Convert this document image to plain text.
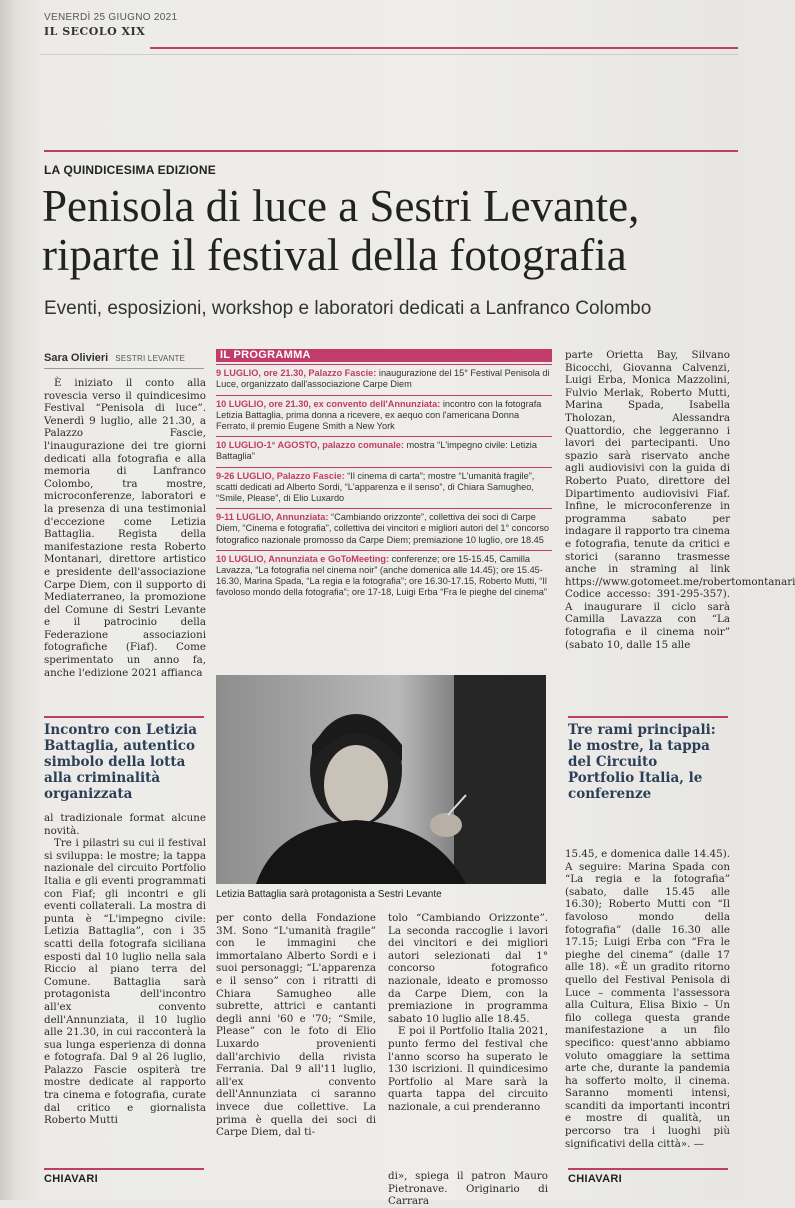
VENERDÌ 25 GIUGNO 2021
IL SECOLO XIX
LA QUINDICESIMA EDIZIONE
Penisola di luce a Sestri Levante, riparte il festival della fotografia
Eventi, esposizioni, workshop e laboratori dedicati a Lanfranco Colombo
Sara Olivieri SESTRI LEVANTE

È iniziato il conto alla rovescia verso il quindicesimo Festival “Penisola di luce”. Venerdì 9 luglio, alle 21.30, a Palazzo Fascie, l'inaugurazione dei tre giorni dedicati alla fotografia e alla memoria di Lanfranco Colombo, tra mostre, microconferenze, laboratori e la presenza di una testimonial d'eccezione come Letizia Battaglia. Regista della manifestazione resta Roberto Montanari, direttore artistico e presidente dell'associazione Carpe Diem, con il supporto di Mediaterraneo, la promozione del Comune di Sestri Levante e il patrocinio della Federazione associazioni fotografiche (Fiaf). Come sperimentato un anno fa, anche l'edizione 2021 affianca

Incontro con Letizia Battaglia, autentico simbolo della lotta alla criminalità organizzata

al tradizionale format alcune novità.

Tre i pilastri su cui il festival si sviluppa: le mostre; la tappa nazionale del circuito Portfolio Italia e gli eventi programmati con Fiaf; gli incontri e gli eventi collaterali. La mostra di punta è “L'impegno civile: Letizia Battaglia”, con i 35 scatti della fotografa siciliana esposti dal 10 luglio nella sala Riccio al piano terra del Comune. Battaglia sarà protagonista dell'incontro all'ex convento dell'Annunziata, il 10 luglio alle 21.30, in cui racconterà la sua lunga esperienza di donna e fotografa. Dal 9 al 26 luglio, Palazzo Fascie ospiterà tre mostre dedicate al rapporto tra cinema e fotografia, curate dal critico e giornalista Roberto Mutti

IL PROGRAMMA
9 LUGLIO, ore 21.30, Palazzo Fascie: inaugurazione del 15° Festival Penisola di Luce, organizzato dall'associazione Carpe Diem
10 LUGLIO, ore 21.30, ex convento dell'Annunziata: incontro con la fotografa Letizia Battaglia, prima donna a ricevere, ex aequo con l'americana Donna Ferrato, il premio Eugene Smith a New York
10 LUGLIO-1° AGOSTO, palazzo comunale: mostra “L'impegno civile: Letizia Battaglia”
9-26 LUGLIO, Palazzo Fascie: “Il cinema di carta”; mostre “L'umanità fragile”, scatti dedicati ad Alberto Sordi, “L'apparenza e il senso”, di Chiara Samugheo, “Smile, Please”, di Elio Luxardo
9-11 LUGLIO, Annunziata: “Cambiando orizzonte”, collettiva dei soci di Carpe Diem, “Cinema e fotografia”, collettiva dei vincitori e migliori autori del 1° concorso fotografico nazionale promosso da Carpe Diem; premiazione 10 luglio, ore 18.45
10 LUGLIO, Annunziata e GoToMeeting: conferenze; ore 15-15.45, Camilla Lavazza, “La fotografia nel cinema noir” (anche domenica alle 14.45); ore 15.45-16.30, Marina Spada, “La regia e la fotografia”; ore 16.30-17.15, Roberto Mutti, “Il favoloso mondo della fotografia”; ore 17-18, Luigi Erba “Fra le pieghe del cinema”

parte Orietta Bay, Silvano Bicocchi, Giovanna Calvenzi, Luigi Erba, Monica Mazzolini, Fulvio Merlak, Roberto Mutti, Marina Spada, Isabella Tholozan, Alessandra Quattordio, che leggeranno i lavori dei partecipanti. Uno spazio sarà riservato anche agli audiovisivi con la guida di Roberto Puato, direttore del Dipartimento audiovisivi Fiaf. Infine, le microconferenze in programma sabato per indagare il rapporto tra cinema e fotografia, tenute da critici e storici (saranno trasmesse anche in straming al link https://www.gotomeet.me/robertomontanari Codice accesso: 391-295-357). A inaugurare il ciclo sarà Camilla Lavazza con “La fotografia e il cinema noir” (sabato 10, dalle 15 alle

Letizia Battaglia sarà protagonista a Sestri Levante
Tre rami principali: le mostre, la tappa del Circuito Portfolio Italia, le conferenze

per conto della Fondazione 3M. Sono “L'umanità fragile” con le immagini che immortalano Alberto Sordi e i suoi personaggi; “L'apparenza e il senso” con i ritratti di Chiara Samugheo alle subrette, attrici e cantanti degli anni '60 e '70; “Smile, Please” con le foto di Elio Luxardo provenienti dall'archivio della rivista Ferrania. Dal 9 all'11 luglio, all'ex convento dell'Annunziata ci saranno invece due collettive. La prima è quella dei soci di Carpe Diem, dal ti-

tolo “Cambiando Orizzonte”. La seconda raccoglie i lavori dei vincitori e dei migliori autori selezionati dal 1° concorso fotografico nazionale, ideato e promosso da Carpe Diem, con la premiazione in programma sabato 10 luglio alle 18.45.

E poi il Portfolio Italia 2021, punto fermo del festival che l'anno scorso ha superato le 130 iscrizioni. Il quindicesimo Portfolio al Mare sarà la quarta tappa del circuito nazionale, a cui prenderanno

15.45, e domenica dalle 14.45). A seguire: Marina Spada con “La regia e la fotografia” (sabato, dalle 15.45 alle 16.30); Roberto Mutti con “Il favoloso mondo della fotografia” (dalle 16.30 alle 17.15; Luigi Erba con “Fra le pieghe del cinema” (dalle 17 alle 18). «È un gradito ritorno quello del Festival Penisola di Luce – commenta l'assessora alla Cultura, Elisa Bixio – Un filo collega questa grande manifestazione a un filo specifico: quest'anno abbiamo voluto omaggiare la settima arte che, durante la pandemia ha sofferto molto, il cinema. Saranno momenti intensi, scanditi da importanti incontri e mostre di qualità, un percorso tra i luoghi più significativi della città». —

CHIAVARI	di», spiega il patron Mauro Pietronave. Originario di Carrara
CHIAVARI
